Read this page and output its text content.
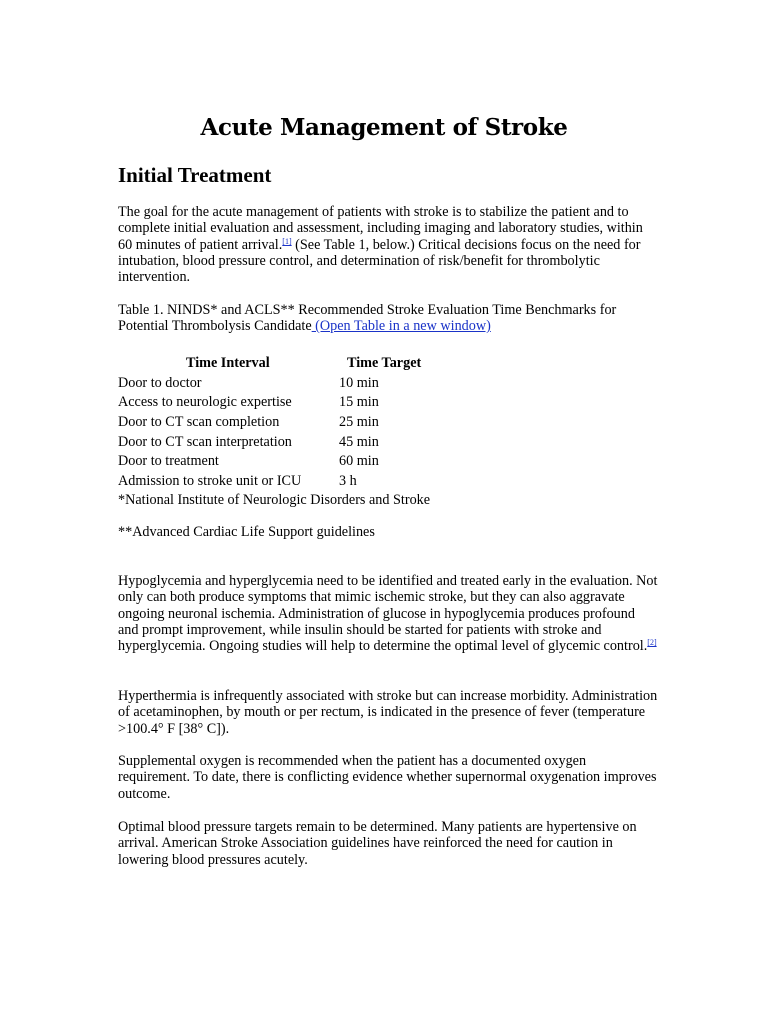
Acute Management of Stroke
Initial Treatment

The goal for the acute management of patients with stroke is to stabilize the patient and to complete initial evaluation and assessment, including imaging and laboratory studies, within 60 minutes of patient arrival.[1] (See Table 1, below.) Critical decisions focus on the need for intubation, blood pressure control, and determination of risk/benefit for thrombolytic intervention.

Table 1. NINDS* and ACLS** Recommended Stroke Evaluation Time Benchmarks for Potential Thrombolysis Candidate (Open Table in a new window)

Time Interval	Time Target
Door to doctor	10 min
Access to neurologic expertise	15 min
Door to CT scan completion	25 min
Door to CT scan interpretation	45 min
Door to treatment	60 min
Admission to stroke unit or ICU	3 h
*National Institute of Neurologic Disorders and Stroke
**Advanced Cardiac Life Support guidelines

Hypoglycemia and hyperglycemia need to be identified and treated early in the evaluation. Not only can both produce symptoms that mimic ischemic stroke, but they can also aggravate ongoing neuronal ischemia. Administration of glucose in hypoglycemia produces profound and prompt improvement, while insulin should be started for patients with stroke and hyperglycemia. Ongoing studies will help to determine the optimal level of glycemic control.[2]

Hyperthermia is infrequently associated with stroke but can increase morbidity. Administration of acetaminophen, by mouth or per rectum, is indicated in the presence of fever (temperature >100.4° F [38° C]).

Supplemental oxygen is recommended when the patient has a documented oxygen requirement. To date, there is conflicting evidence whether supernormal oxygenation improves outcome.

Optimal blood pressure targets remain to be determined. Many patients are hypertensive on arrival. American Stroke Association guidelines have reinforced the need for caution in lowering blood pressures acutely.
